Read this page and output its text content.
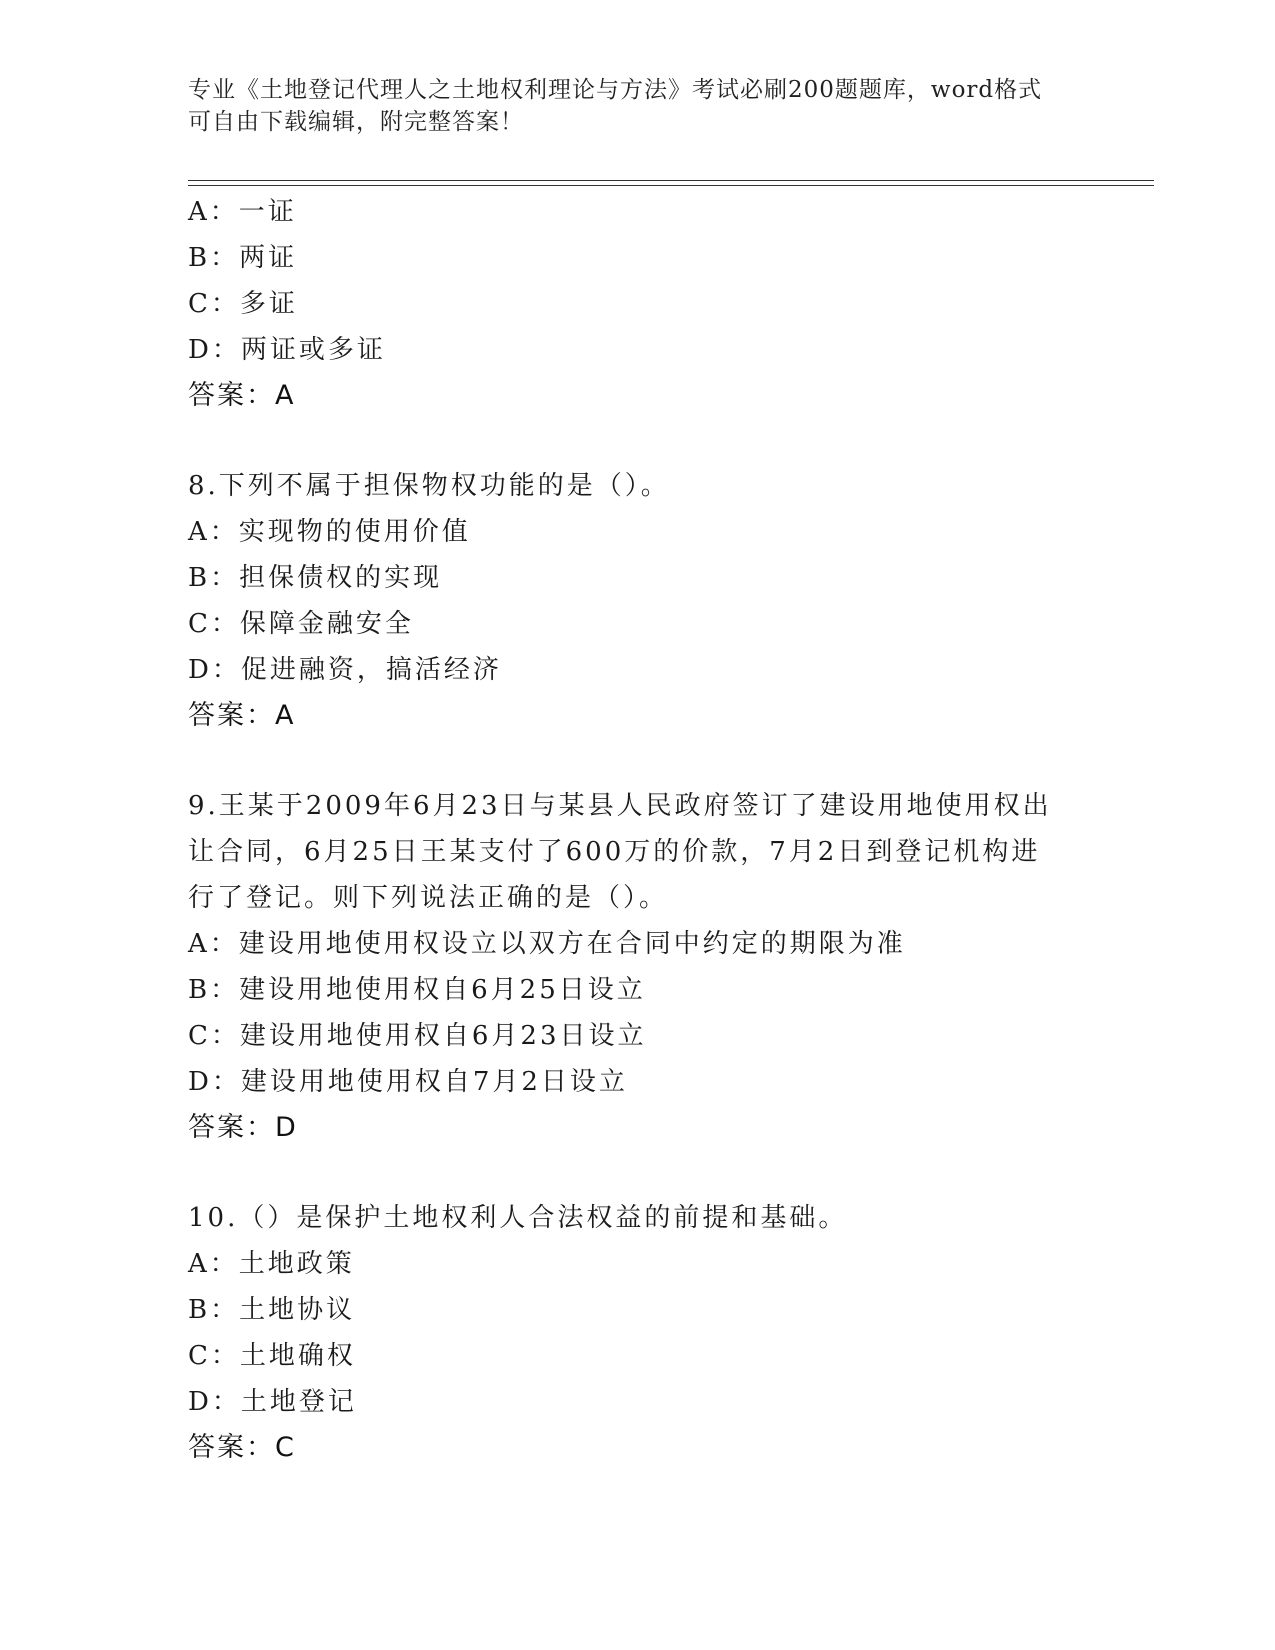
专业《土地登记代理人之土地权利理论与方法》考试必刷200题题库，word格式
可自由下载编辑，附完整答案！
A：一证
B：两证
C：多证
D：两证或多证
答案：A
8.下列不属于担保物权功能的是（）。
A：实现物的使用价值
B：担保债权的实现
C：保障金融安全
D：促进融资，搞活经济
答案：A
9.王某于2009年6月23日与某县人民政府签订了建设用地使用权出
让合同，6月25日王某支付了600万的价款，7月2日到登记机构进
行了登记。则下列说法正确的是（）。
A：建设用地使用权设立以双方在合同中约定的期限为准
B：建设用地使用权自6月25日设立
C：建设用地使用权自6月23日设立
D：建设用地使用权自7月2日设立
答案：D
10.（）是保护土地权利人合法权益的前提和基础。
A：土地政策
B：土地协议
C：土地确权
D：土地登记
答案：C
